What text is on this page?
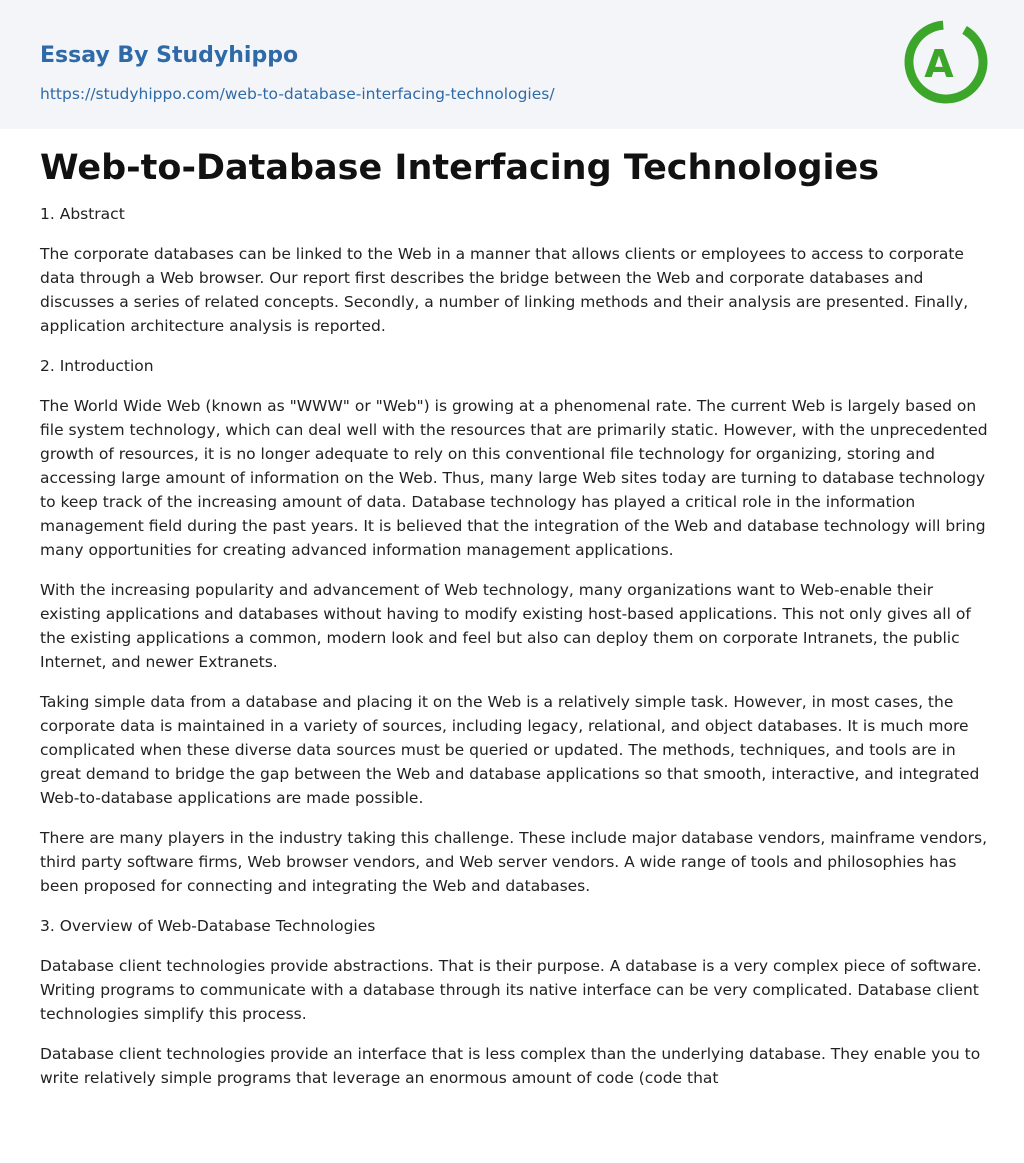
Essay By Studyhippo
https://studyhippo.com/web-to-database-interfacing-technologies/
A
Web-to-Database Interfacing Technologies

1. Abstract

The corporate databases can be linked to the Web in a manner that allows clients or employees to access to corporate data through a Web browser. Our report first describes the bridge between the Web and corporate databases and discusses a series of related concepts. Secondly, a number of linking methods and their analysis are presented. Finally, application architecture analysis is reported.

2. Introduction

The World Wide Web (known as "WWW" or "Web") is growing at a phenomenal rate. The current Web is largely based on file system technology, which can deal well with the resources that are primarily static. However, with the unprecedented growth of resources, it is no longer adequate to rely on this conventional file technology for organizing, storing and accessing large amount of information on the Web. Thus, many large Web sites today are turning to database technology to keep track of the increasing amount of data. Database technology has played a critical role in the information management field during the past years. It is believed that the integration of the Web and database technology will bring many opportunities for creating advanced information management applications.

With the increasing popularity and advancement of Web technology, many organizations want to Web-enable their existing applications and databases without having to modify existing host-based applications. This not only gives all of the existing applications a common, modern look and feel but also can deploy them on corporate Intranets, the public Internet, and newer Extranets.

Taking simple data from a database and placing it on the Web is a relatively simple task. However, in most cases, the corporate data is maintained in a variety of sources, including legacy, relational, and object databases. It is much more complicated when these diverse data sources must be queried or updated. The methods, techniques, and tools are in great demand to bridge the gap between the Web and database applications so that smooth, interactive, and integrated Web-to-database applications are made possible.

There are many players in the industry taking this challenge. These include major database vendors, mainframe vendors, third party software firms, Web browser vendors, and Web server vendors. A wide range of tools and philosophies has been proposed for connecting and integrating the Web and databases.

3. Overview of Web-Database Technologies

Database client technologies provide abstractions. That is their purpose. A database is a very complex piece of software. Writing programs to communicate with a database through its native interface can be very complicated. Database client technologies simplify this process.

Database client technologies provide an interface that is less complex than the underlying database. They enable you to write relatively simple programs that leverage an enormous amount of code (code that
